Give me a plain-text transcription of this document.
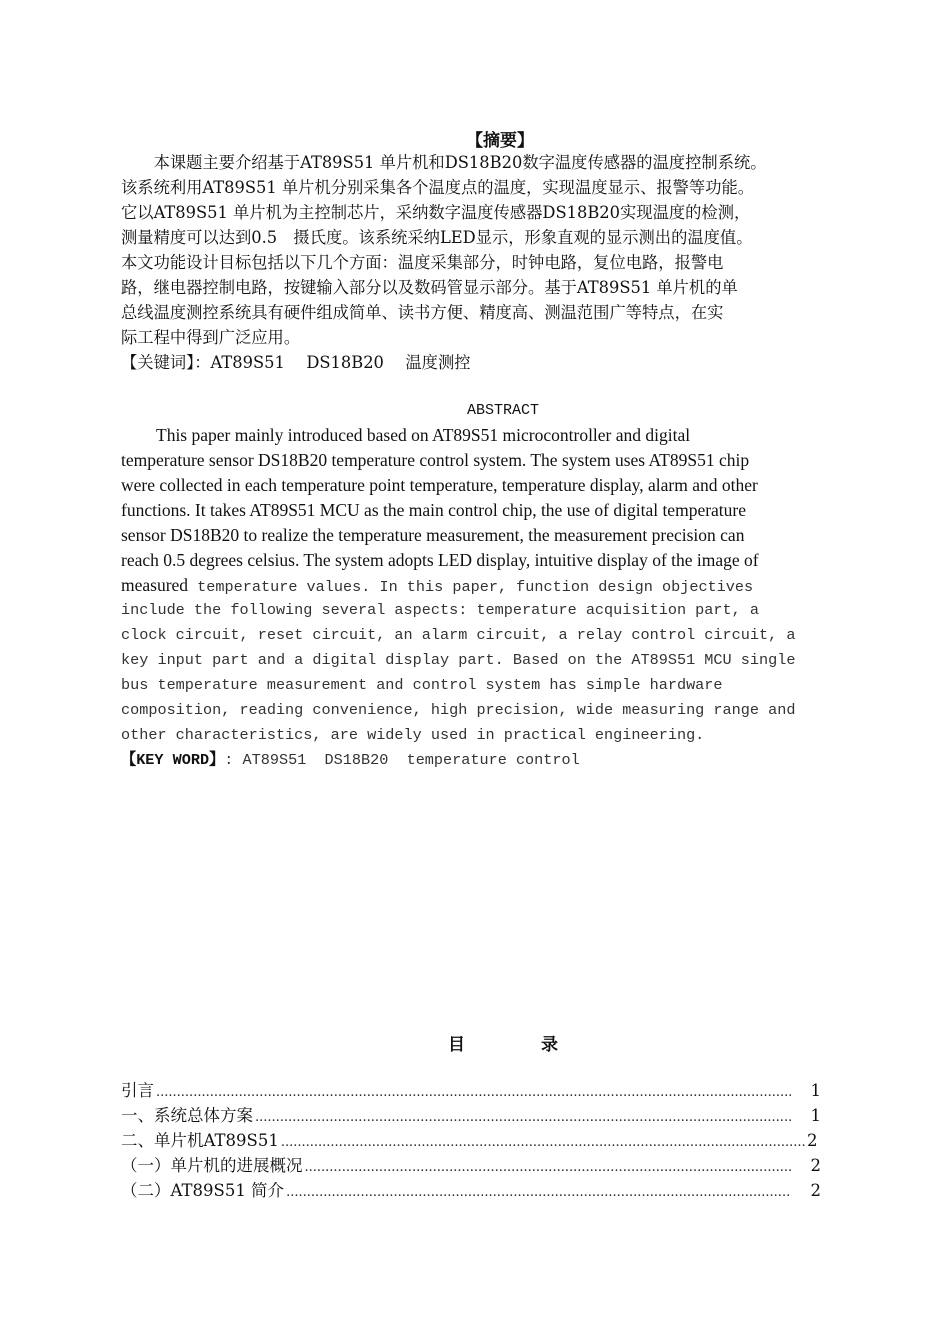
【摘要】
　　本课题主要介绍基于AT89S51 单片机和DS18B20数字温度传感器的温度控制系统。
该系统利用AT89S51 单片机分别采集各个温度点的温度，实现温度显示、报警等功能。
它以AT89S51 单片机为主控制芯片，采纳数字温度传感器DS18B20实现温度的检测，
测量精度可以达到0.5　摄氏度。该系统采纳LED显示，形象直观的显示测出的温度值。
本文功能设计目标包括以下几个方面：温度采集部分，时钟电路，复位电路，报警电
路，继电器控制电路，按键输入部分以及数码管显示部分。基于AT89S51 单片机的单
总线温度测控系统具有硬件组成简单、读书方便、精度高、测温范围广等特点，在实
际工程中得到广泛应用。
【关键词】：AT89S51　 DS18B20　 温度测控
ABSTRACT
  This paper mainly introduced based on AT89S51 microcontroller and digital
temperature sensor DS18B20 temperature control system. The system uses AT89S51 chip
were collected in each temperature point temperature, temperature display, alarm and other
functions. It takes AT89S51 MCU as the main control chip, the use of digital temperature
sensor DS18B20 to realize the temperature measurement, the measurement precision can
reach 0.5 degrees celsius. The system adopts LED display, intuitive display of the image of
measured temperature values. In this paper, function design objectives
include the following several aspects: temperature acquisition part, a
clock circuit, reset circuit, an alarm circuit, a relay control circuit, a
key input part and a digital display part. Based on the AT89S51 MCU single
bus temperature measurement and control system has simple hardware
composition, reading convenience, high precision, wide measuring range and
other characteristics, are widely used in practical engineering.
【KEY WORD】: AT89S51  DS18B20  temperature control
目	录
引言 .....	1
一、系统总体方案 .....	1
二、单片机AT89S51 .....	2
（一）单片机的进展概况 .....	2
（二）AT89S51 简介 .....	2
